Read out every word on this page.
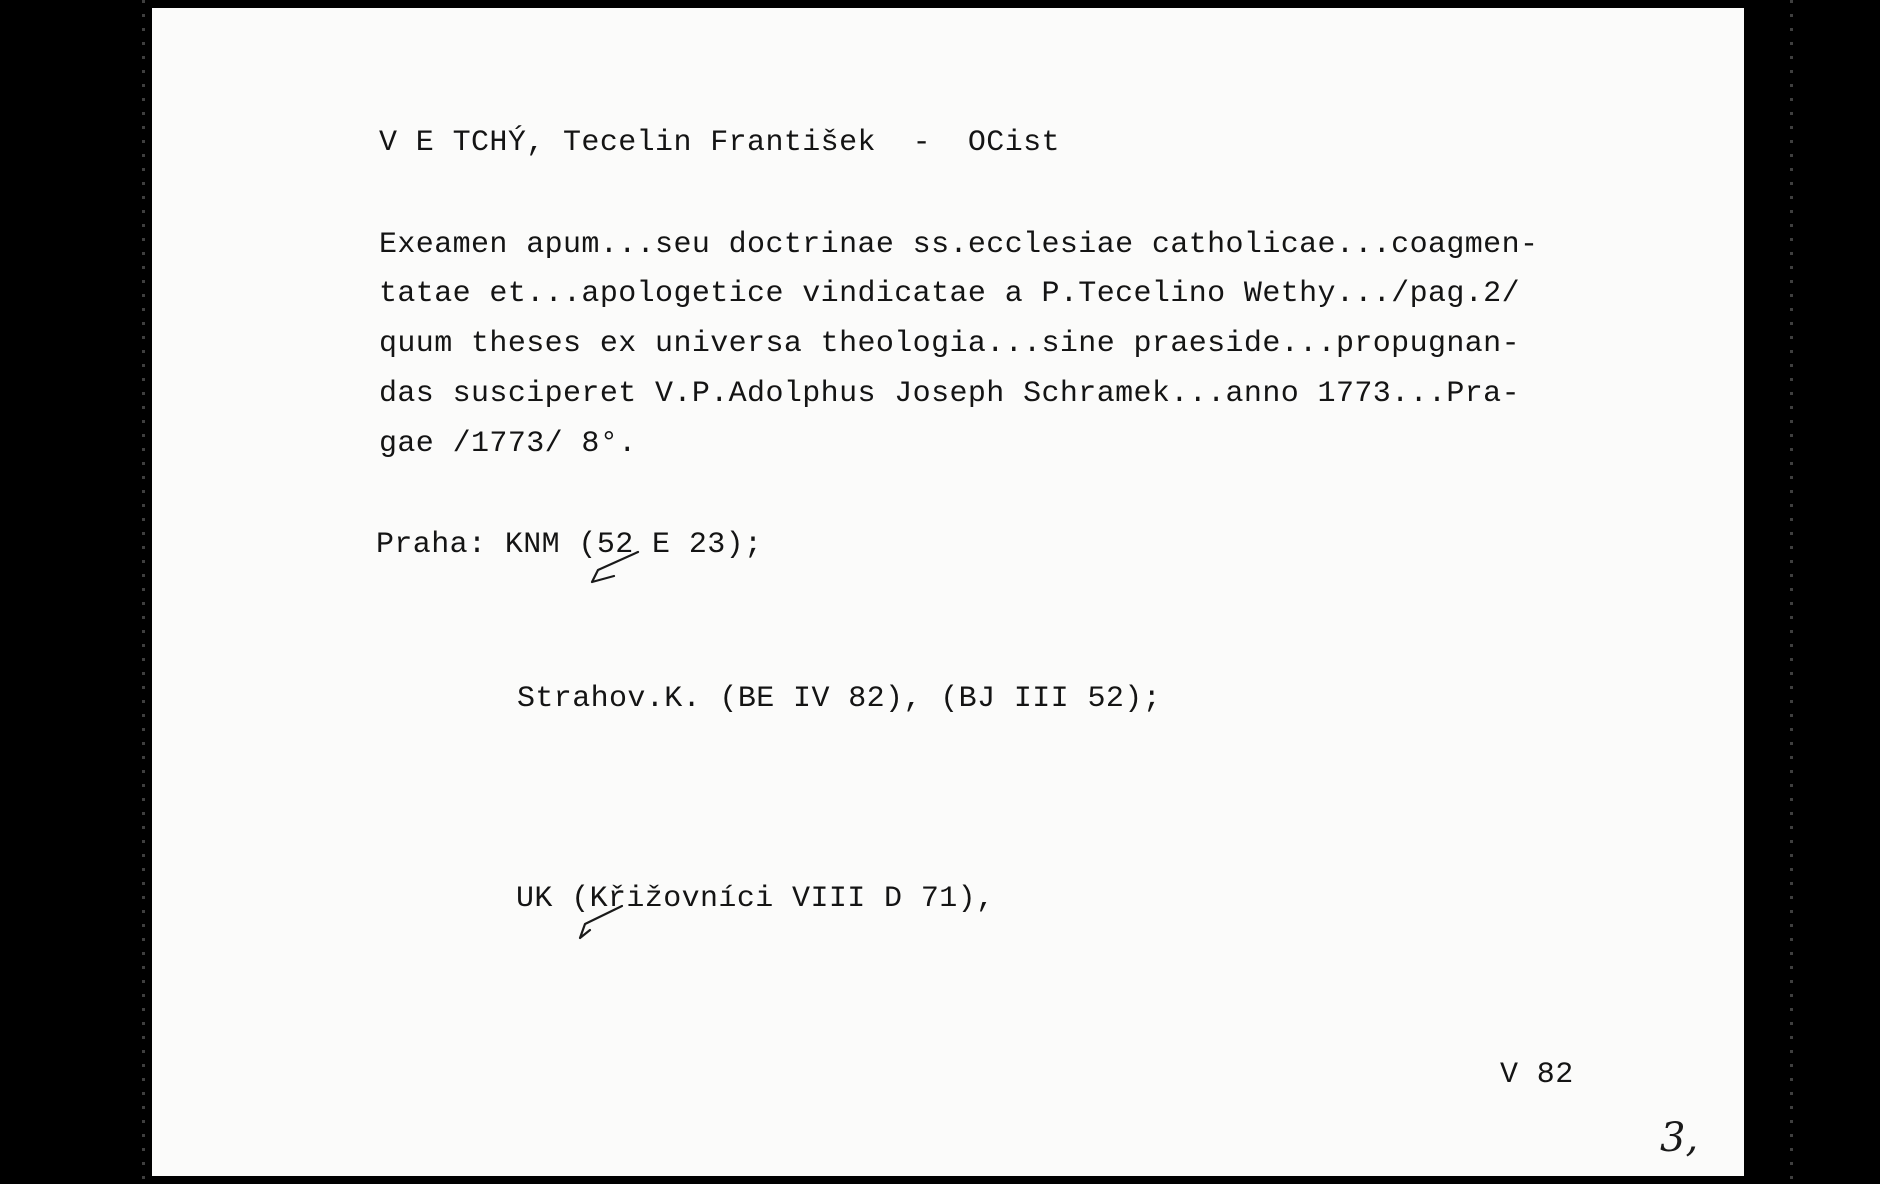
V E TCHÝ, Tecelin František  -  OCist

Exeamen apum...seu doctrinae ss.ecclesiae catholicae...coagmen-

tatae et...apologetice vindicatae a P.Tecelino Wethy.../pag.2/

quum theses ex universa theologia...sine praeside...propugnan-

das susciperet V.P.Adolphus Joseph Schramek...anno 1773...Pra-

gae /1773/ 8°.

Praha: KNM (52 E 23);

Strahov.K. (BE IV 82), (BJ III 52);

UK (Křižovníci VIII D 71),

V 82

3,
